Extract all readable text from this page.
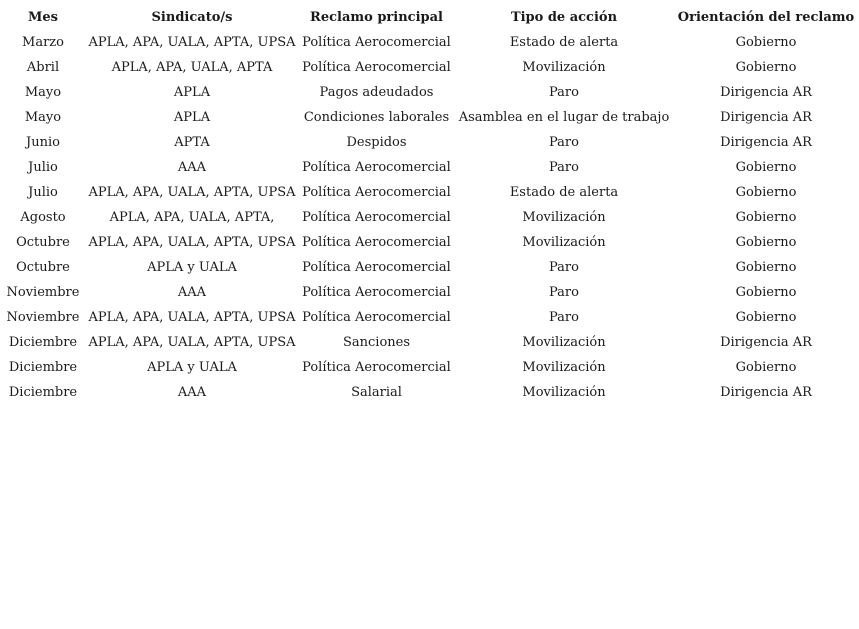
Mes	Sindicato/s	Reclamo principal	Tipo de acción	Orientación del reclamo
Marzo	APLA, APA, UALA, APTA, UPSA	Política Aerocomercial	Estado de alerta	Gobierno
Abril	APLA, APA, UALA, APTA	Política Aerocomercial	Movilización	Gobierno
Mayo	APLA	Pagos adeudados	Paro	Dirigencia AR
Mayo	APLA	Condiciones laborales	Asamblea en el lugar de trabajo	Dirigencia AR
Junio	APTA	Despidos	Paro	Dirigencia AR
Julio	AAA	Política Aerocomercial	Paro	Gobierno
Julio	APLA, APA, UALA, APTA, UPSA	Política Aerocomercial	Estado de alerta	Gobierno
Agosto	APLA, APA, UALA, APTA,	Política Aerocomercial	Movilización	Gobierno
Octubre	APLA, APA, UALA, APTA, UPSA	Política Aerocomercial	Movilización	Gobierno
Octubre	APLA y UALA	Política Aerocomercial	Paro	Gobierno
Noviembre	AAA	Política Aerocomercial	Paro	Gobierno
Noviembre	APLA, APA, UALA, APTA, UPSA	Política Aerocomercial	Paro	Gobierno
Diciembre	APLA, APA, UALA, APTA, UPSA	Sanciones	Movilización	Dirigencia AR
Diciembre	APLA y UALA	Política Aerocomercial	Movilización	Gobierno
Diciembre	AAA	Salarial	Movilización	Dirigencia AR
